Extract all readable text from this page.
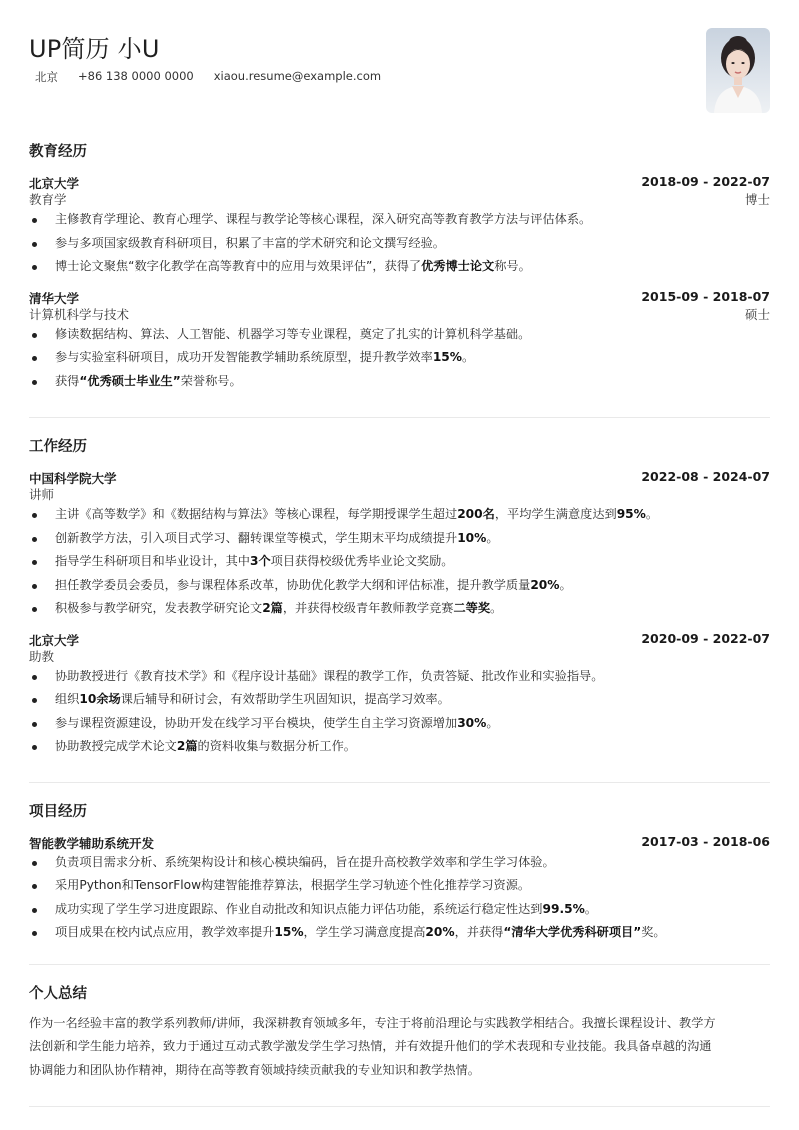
UP简历 小U
北京 +86 138 0000 0000 xiaou.resume@example.com
教育经历
北京大学	2018-09 - 2022-07
教育学	博士
主修教育学理论、教育心理学、课程与教学论等核心课程，深入研究高等教育教学方法与评估体系。
参与多项国家级教育科研项目，积累了丰富的学术研究和论文撰写经验。
博士论文聚焦“数字化教学在高等教育中的应用与效果评估”，获得了优秀博士论文称号。
清华大学	2015-09 - 2018-07
计算机科学与技术	硕士
修读数据结构、算法、人工智能、机器学习等专业课程，奠定了扎实的计算机科学基础。
参与实验室科研项目，成功开发智能教学辅助系统原型，提升教学效率15%。
获得“优秀硕士毕业生”荣誉称号。
工作经历
中国科学院大学	2022-08 - 2024-07
讲师
主讲《高等数学》和《数据结构与算法》等核心课程，每学期授课学生超过200名，平均学生满意度达到95%。
创新教学方法，引入项目式学习、翻转课堂等模式，学生期末平均成绩提升10%。
指导学生科研项目和毕业设计，其中3个项目获得校级优秀毕业论文奖励。
担任教学委员会委员，参与课程体系改革，协助优化教学大纲和评估标准，提升教学质量20%。
积极参与教学研究，发表教学研究论文2篇，并获得校级青年教师教学竞赛二等奖。
北京大学	2020-09 - 2022-07
助教
协助教授进行《教育技术学》和《程序设计基础》课程的教学工作，负责答疑、批改作业和实验指导。
组织10余场课后辅导和研讨会，有效帮助学生巩固知识，提高学习效率。
参与课程资源建设，协助开发在线学习平台模块，使学生自主学习资源增加30%。
协助教授完成学术论文2篇的资料收集与数据分析工作。
项目经历
智能教学辅助系统开发	2017-03 - 2018-06
负责项目需求分析、系统架构设计和核心模块编码，旨在提升高校教学效率和学生学习体验。
采用Python和TensorFlow构建智能推荐算法，根据学生学习轨迹个性化推荐学习资源。
成功实现了学生学习进度跟踪、作业自动批改和知识点能力评估功能，系统运行稳定性达到99.5%。
项目成果在校内试点应用，教学效率提升15%，学生学习满意度提高20%，并获得“清华大学优秀科研项目”奖。
个人总结
作为一名经验丰富的教学系列教师/讲师，我深耕教育领域多年，专注于将前沿理论与实践教学相结合。我擅长课程设计、教学方
法创新和学生能力培养，致力于通过互动式教学激发学生学习热情，并有效提升他们的学术表现和专业技能。我具备卓越的沟通
协调能力和团队协作精神，期待在高等教育领域持续贡献我的专业知识和教学热情。
